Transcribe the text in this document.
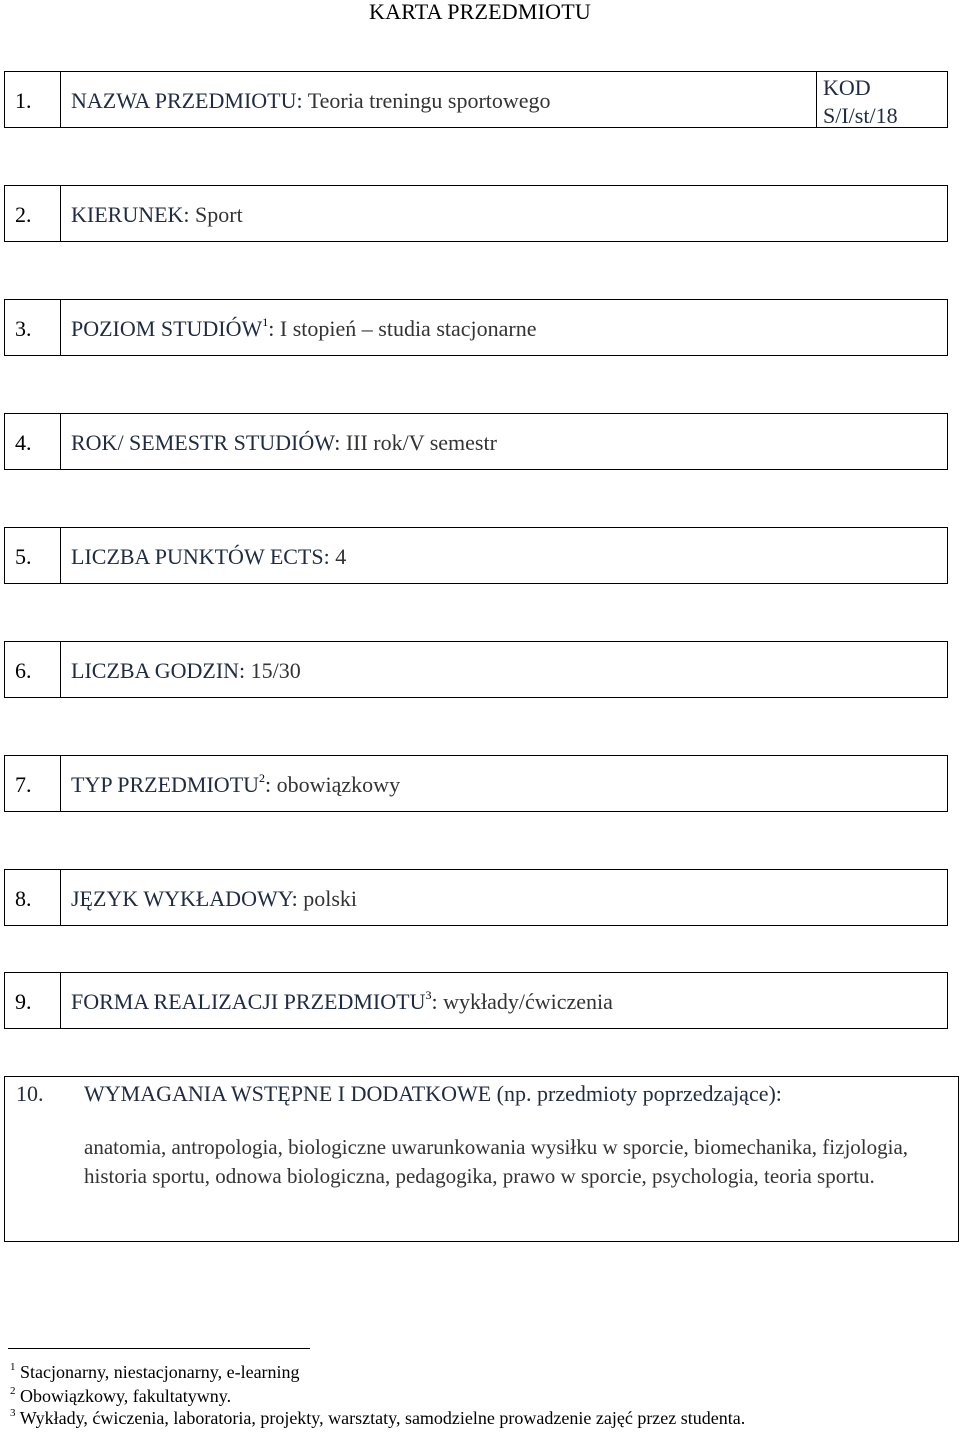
KARTA PRZEDMIOTU
1.	NAZWA PRZEDMIOTU: Teoria treningu sportowego
KOD
S/I/st/18
2.	KIERUNEK: Sport
3.	POZIOM STUDIÓW$^1$: I stopień – studia stacjonarne
4.	ROK/ SEMESTR STUDIÓW: III rok/V semestr
5.	LICZBA PUNKTÓW ECTS: 4
6.	LICZBA GODZIN: 15/30
7.	TYP PRZEDMIOTU$^2$: obowiązkowy
8.	JĘZYK WYKŁADOWY: polski
9.	FORMA REALIZACJI PRZEDMIOTU$^3$: wykłady/ćwiczenia
10. WYMAGANIA WSTĘPNE I DODATKOWE (np. przedmioty poprzedzające):
anatomia, antropologia, biologiczne uwarunkowania wysiłku w sporcie, biomechanika, fizjologia, historia sportu, odnowa biologiczna, pedagogika, prawo w sporcie, psychologia, teoria sportu.
$^1$ Stacjonarny, niestacjonarny, e-learning
$^2$ Obowiązkowy, fakultatywny.
$^3$ Wykłady, ćwiczenia, laboratoria, projekty, warsztaty, samodzielne prowadzenie zajęć przez studenta.
